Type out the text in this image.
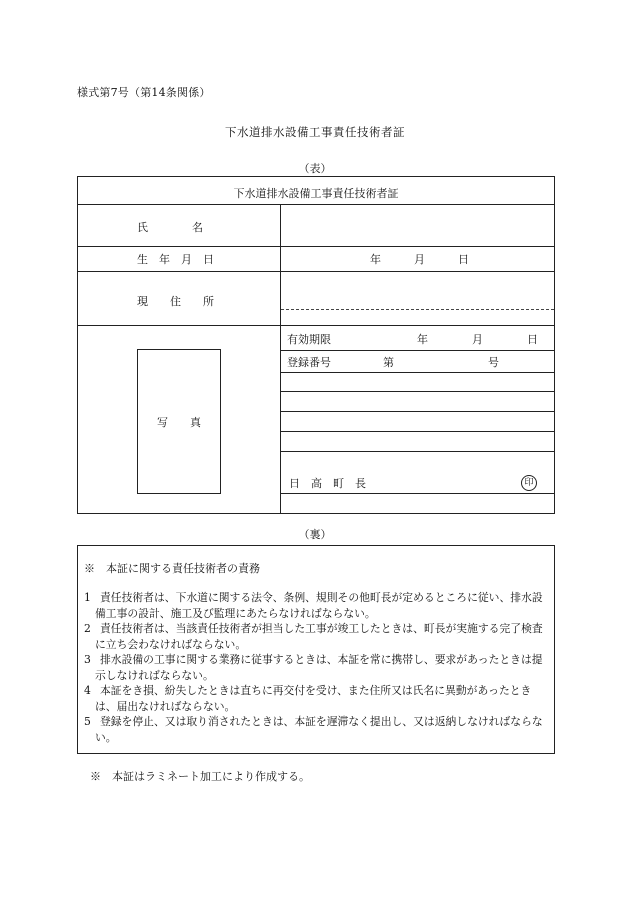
様式第7号（第14条関係）
下水道排水設備工事責任技術者証
（表）
下水道排水設備工事責任技術者証
氏　　　　名
生　年　月　日	年　　　月　　　日
現　　住　　所
有効期限	年　　　　月　　　　日
登録番号	第	号
日　高　町　長	印
写　　真
（裏）
※　本証に関する責任技術者の責務
1 責任技術者は、下水道に関する法令、条例、規則その他町長が定めるところに従い、排水設備工事の設計、施工及び監理にあたらなければならない。
2 責任技術者は、当該責任技術者が担当した工事が竣工したときは、町長が実施する完了検査に立ち会わなければならない。
3 排水設備の工事に関する業務に従事するときは、本証を常に携帯し、要求があったときは提示しなければならない。
4 本証をき損、紛失したときは直ちに再交付を受け、また住所又は氏名に異動があったときは、届出なければならない。
5 登録を停止、又は取り消されたときは、本証を遅滞なく提出し、又は返納しなければならない。
※　本証はラミネート加工により作成する。
